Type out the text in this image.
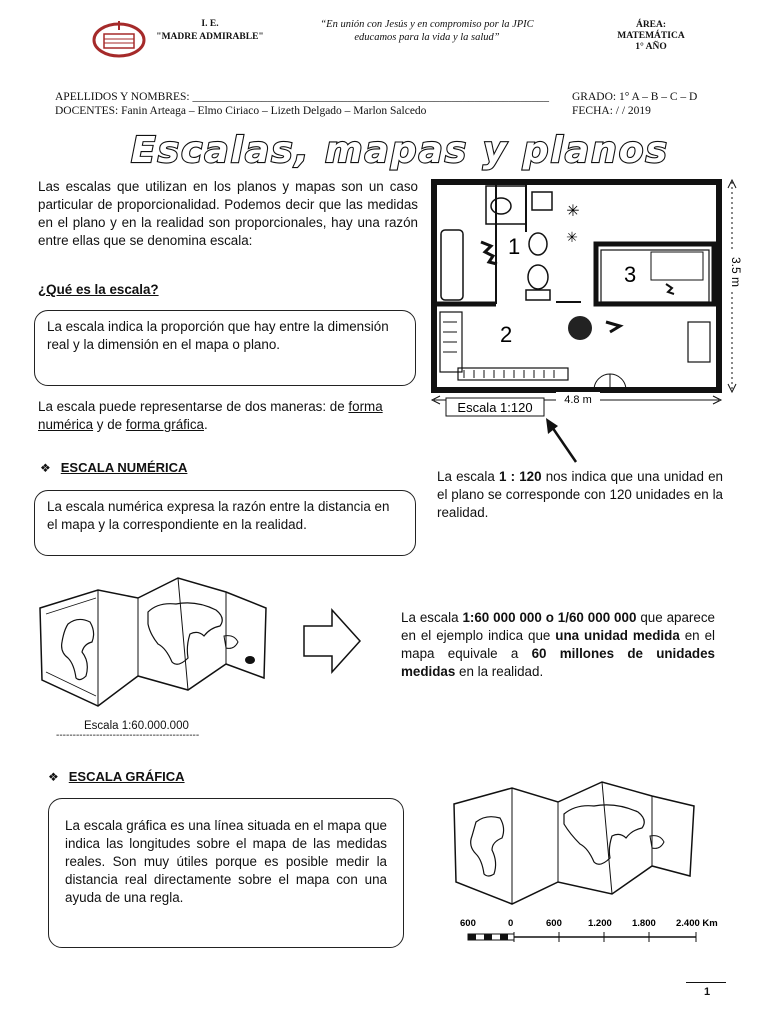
I. E.
"MADRE ADMIRABLE"
“En unión con Jesús y en compromiso por la JPIC
educamos para la vida y la salud”
ÁREA:
MATEMÁTICA
1° AÑO
APELLIDOS Y NOMBRES: ______________________________________________________________ GRADO: 1° A – B – C – D
DOCENTES: Fanin Arteaga – Elmo Ciriaco – Lizeth Delgado – Marlon Salcedo	FECHA: / / 2019
Escalas, mapas y planos
Las escalas que utilizan en los planos y mapas son un caso particular de proporcionalidad. Podemos decir que las medidas en el plano y en la realidad son proporcionales, hay una razón entre ellas que se denomina escala:
¿Qué es la escala?
La escala indica la proporción que hay entre la dimensión real y la dimensión en el mapa o plano.
La escala puede representarse de dos maneras: de forma numérica y de forma gráfica.
❖ ESCALA NUMÉRICA
La escala numérica expresa la razón entre la distancia en el mapa y la correspondiente en la realidad.
✳
✳
1
2
3	3.5 m
4.8 m
Escala 1:120
La escala 1 : 120 nos indica que una unidad en el plano se corresponde con 120 unidades en la realidad.
Escala 1:60.000.000
-------------------------------------------
La escala 1:60 000 000 o 1/60 000 000 que aparece en el ejemplo indica que una unidad medida en el mapa equivale a 60 millones de unidades medidas en la realidad.
❖ ESCALA GRÁFICA
La escala gráfica es una línea situada en el mapa que indica las longitudes sobre el mapa de las medidas reales. Son muy útiles porque es posible medir la distancia real directamente sobre el mapa con una ayuda de una regla.
600	0	600	1.200 1.800 2.400 Km
1
